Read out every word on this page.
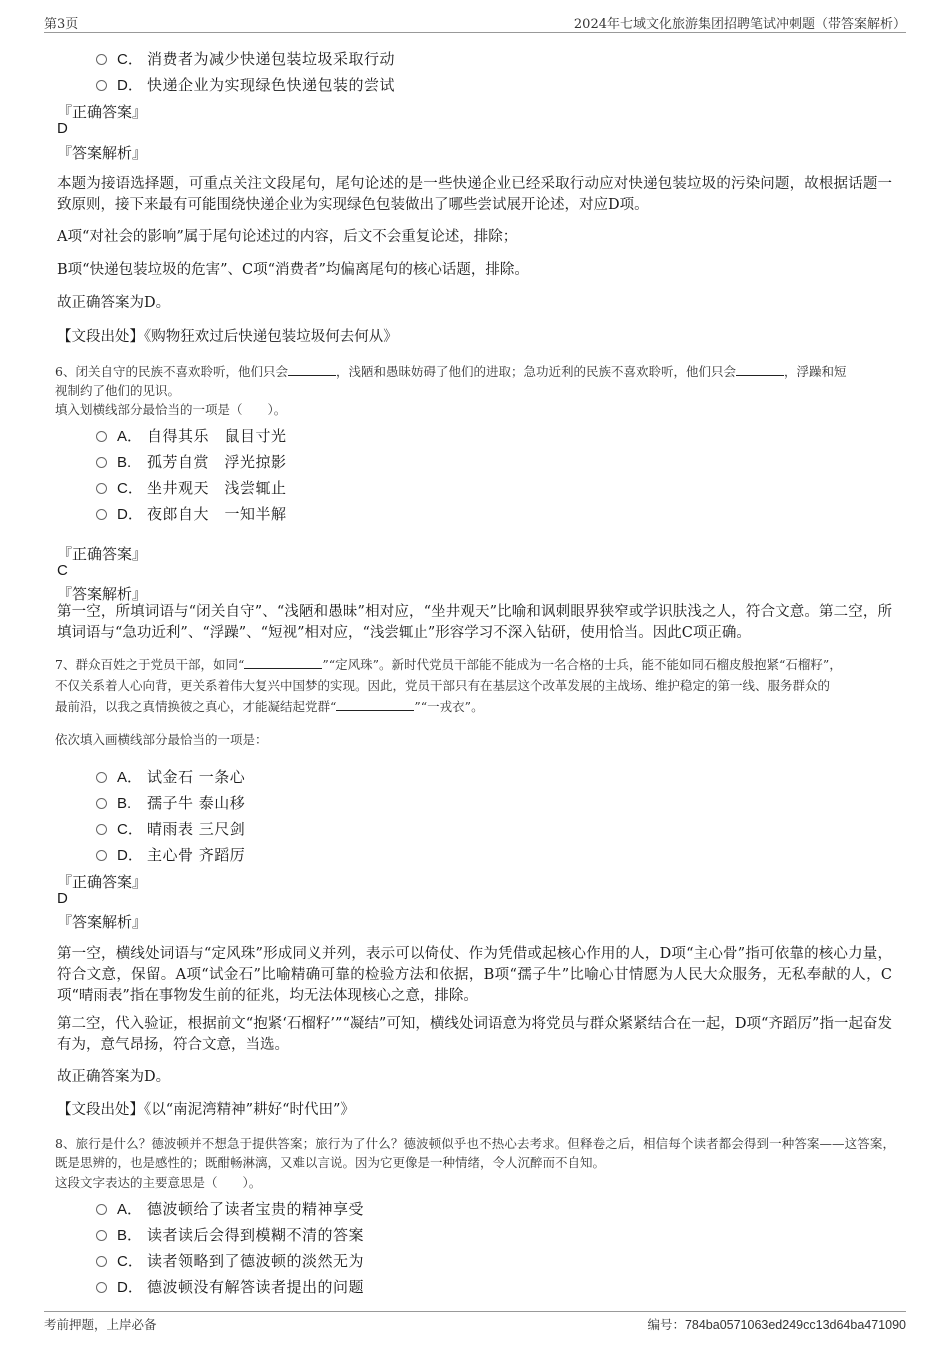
第3页	2024年七域文化旅游集团招聘笔试冲刺题（带答案解析）
C． 消费者为减少快递包装垃圾采取行动
D． 快递企业为实现绿色快递包装的尝试
『正确答案』
D
『答案解析』
本题为接语选择题，可重点关注文段尾句，尾句论述的是一些快递企业已经采取行动应对快递包装垃圾的污染问题，故根据话题一致原则，接下来最有可能围绕快递企业为实现绿色包装做出了哪些尝试展开论述，对应D项。
A项“对社会的影响”属于尾句论述过的内容，后文不会重复论述，排除；
B项“快递包装垃圾的危害”、C项“消费者”均偏离尾句的核心话题，排除。
故正确答案为D。
【文段出处】《购物狂欢过后快递包装垃圾何去何从》
6、闭关自守的民族不喜欢聆听，他们只会	，浅陋和愚昧妨碍了他们的进取；急功近利的民族不喜欢聆听，他们只会	，浮躁和短
视制约了他们的见识。
填入划横线部分最恰当的一项是（　　）。
A． 自得其乐　鼠目寸光
B. 孤芳自赏　浮光掠影
C． 坐井观天　浅尝辄止
D． 夜郎自大　一知半解
『正确答案』
C
『答案解析』
第一空，所填词语与“闭关自守”、“浅陋和愚昧”相对应，“坐井观天”比喻和讽刺眼界狭窄或学识肤浅之人，符合文意。第二空，所填词语与“急功近利”、“浮躁”、“短视”相对应，“浅尝辄止”形容学习不深入钻研，使用恰当。因此C项正确。
7、群众百姓之于党员干部，如同“	”“定风珠”。新时代党员干部能不能成为一名合格的士兵，能不能如同石榴皮般抱紧“石榴籽”，
不仅关系着人心向背，更关系着伟大复兴中国梦的实现。因此，党员干部只有在基层这个改革发展的主战场、维护稳定的第一线、服务群众的
最前沿，以我之真情换彼之真心，才能凝结起党群“	”“一戎衣”。
依次填入画横线部分最恰当的一项是：
A． 试金石 一条心
B. 孺子牛 泰山移
C． 晴雨表 三尺剑
D． 主心骨 齐蹈厉
『正确答案』
D
『答案解析』
第一空，横线处词语与“定风珠”形成同义并列，表示可以倚仗、作为凭借或起核心作用的人，D项“主心骨”指可依靠的核心力量，符合文意，保留。A项“试金石”比喻精确可靠的检验方法和依据，B项“孺子牛”比喻心甘情愿为人民大众服务，无私奉献的人，C项“晴雨表”指在事物发生前的征兆，均无法体现核心之意，排除。
第二空，代入验证，根据前文“抱紧‘石榴籽’”“凝结”可知，横线处词语意为将党员与群众紧紧结合在一起，D项“齐蹈厉”指一起奋发有为，意气昂扬，符合文意，当选。
故正确答案为D。
【文段出处】《以“南泥湾精神”耕好“时代田”》
8、旅行是什么？德波顿并不想急于提供答案；旅行为了什么？德波顿似乎也不热心去考求。但释卷之后，相信每个读者都会得到一种答案——这答案，既是思辨的，也是感性的；既酣畅淋漓，又难以言说。因为它更像是一种情绪，令人沉醉而不自知。
这段文字表达的主要意思是（　　）。
A． 德波顿给了读者宝贵的精神享受
B． 读者读后会得到模糊不清的答案
C． 读者领略到了德波顿的淡然无为
D． 德波顿没有解答读者提出的问题
考前押题，上岸必备	编号：784ba0571063ed249cc13d64ba471090
